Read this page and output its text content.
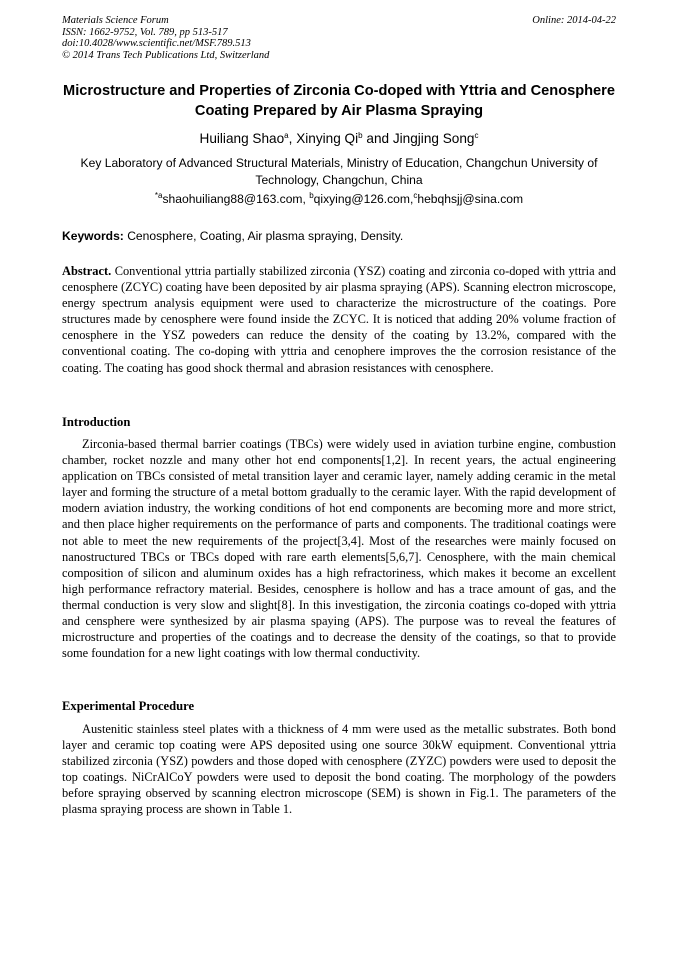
Materials Science Forum
ISSN: 1662-9752, Vol. 789, pp 513-517
doi:10.4028/www.scientific.net/MSF.789.513
© 2014 Trans Tech Publications Ltd, Switzerland
Online: 2014-04-22
Microstructure and Properties of Zirconia Co-doped with Yttria and Cenosphere Coating Prepared by Air Plasma Spraying
Huiliang Shao$^a$, Xinying Qi$^b$ and Jingjing Song$^c$
Key Laboratory of Advanced Structural Materials, Ministry of Education, Changchun University of Technology, Changchun, China
$^{*a}$shaohuiliang88@163.com, $^b$qixying@126.com,$^c$hebqhsjj@sina.com
Keywords: Cenosphere, Coating, Air plasma spraying, Density.
Abstract. Conventional yttria partially stabilized zirconia (YSZ) coating and zirconia co-doped with yttria and cenosphere (ZCYC) coating have been deposited by air plasma spraying (APS). Scanning electron microscope, energy spectrum analysis equipment were used to characterize the microstructure of the coatings. Pore structures made by cenosphere were found inside the ZCYC. It is noticed that adding 20% volume fraction of cenosphere in the YSZ poweders can reduce the density of the coating by 13.2%, compared with the conventional coating. The co-doping with yttria and cenophere improves the the corrosion resistance of the coating. The coating has good shock thermal and abrasion resistances with cenosphere.
Introduction
Zirconia-based thermal barrier coatings (TBCs) were widely used in aviation turbine engine, combustion chamber, rocket nozzle and many other hot end components[1,2]. In recent years, the actual engineering application on TBCs consisted of metal transition layer and ceramic layer, namely adding ceramic in the metal layer and forming the structure of a metal bottom gradually to the ceramic layer. With the rapid development of modern aviation industry, the working conditions of hot end components are becoming more and more strict, and then place higher requirements on the performance of parts and components. The traditional coatings were not able to meet the new requirements of the project[3,4]. Most of the researches were mainly focused on nanostructured TBCs or TBCs doped with rare earth elements[5,6,7]. Cenosphere, with the main chemical composition of silicon and aluminum oxides has a high refractoriness, which makes it become an excellent high performance refractory material. Besides, cenosphere is hollow and has a trace amount of gas, and the thermal conduction is very slow and slight[8]. In this investigation, the zirconia coatings co-doped with yttria and censphere were synthesized by air plasma spaying (APS). The purpose was to reveal the features of microstructure and properties of the coatings and to decrease the density of the coatings, so that to provide some foundation for a new light coatings with low thermal conductivity.
Experimental Procedure
Austenitic stainless steel plates with a thickness of 4 mm were used as the metallic substrates. Both bond layer and ceramic top coating were APS deposited using one source 30kW equipment. Conventional yttria stabilized zirconia (YSZ) powders and those doped with cenosphere (ZYZC) powders were used to deposit the top coatings. NiCrAlCoY powders were used to deposit the bond coating. The morphology of the powders before spraying observed by scanning electron microscope (SEM) is shown in Fig.1. The parameters of the plasma spraying process are shown in Table 1.
